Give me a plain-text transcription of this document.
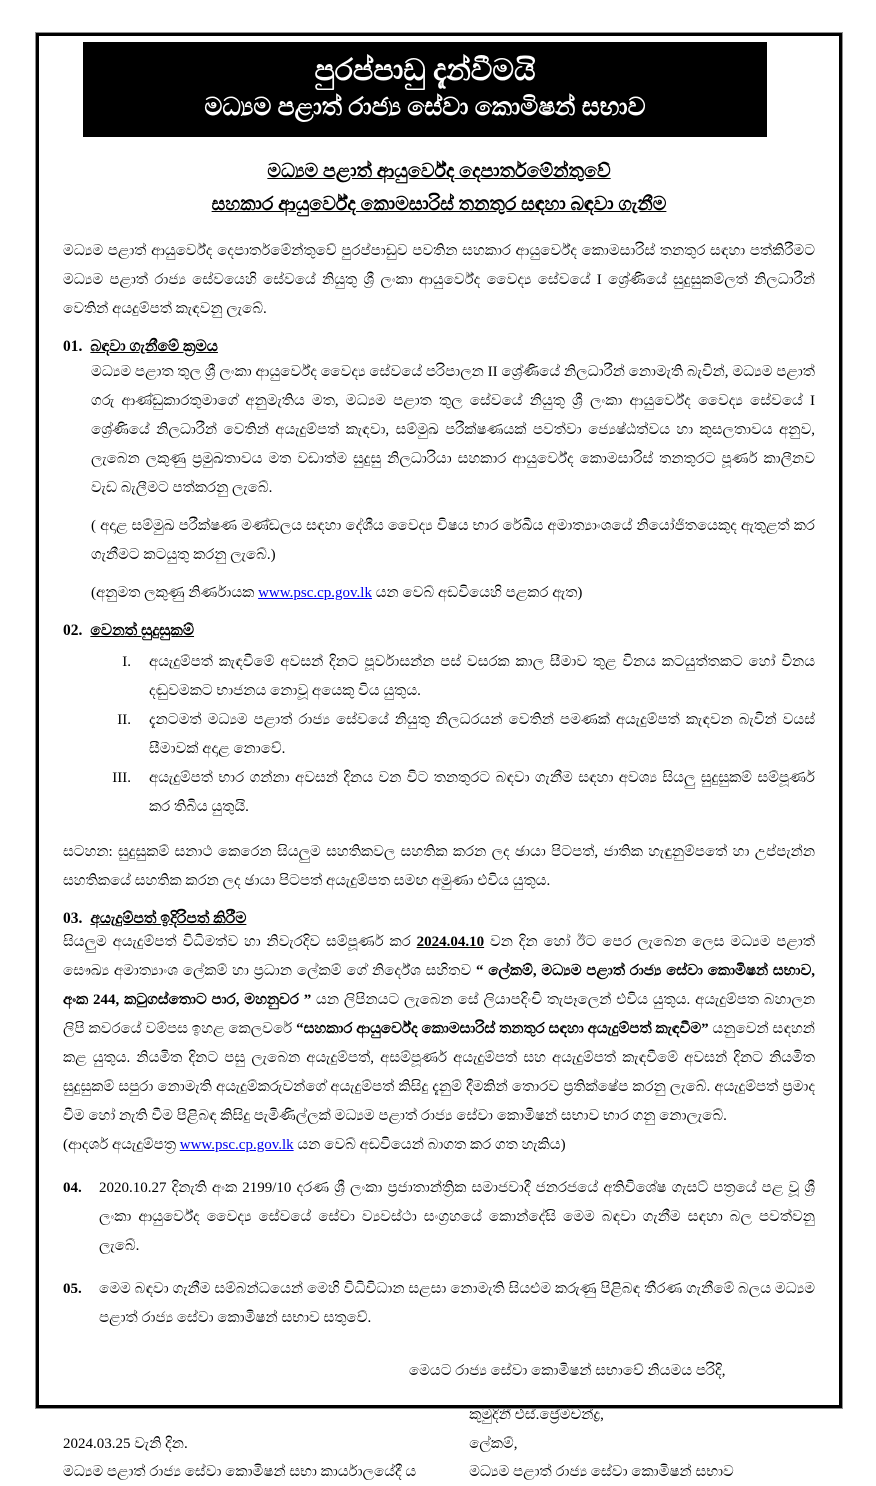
පුරප්පාඩු දැන්වීමයි
මධ්‍යම පළාත් රාජ්‍ය සේවා කොමිෂන් සභාව
මධ්‍යම පළාත් ආයුර්වේද දෙපාර්තමේන්තුවේ
සහකාර ආයුර්වේද කොමසාරිස් තනතුර සඳහා බඳවා ගැනීම

මධ්‍යම පළාත් ආයුර්වේද දෙපාර්තමේන්තුවේ පුරප්පාඩුව පවතින සහකාර ආයුර්වේද කොමසාරිස් තනතුර සඳහා පත්කිරීමට මධ්‍යම පළාත් රාජ්‍ය සේවයෙහි සේවයේ නියුතු ශ්‍රී ලංකා ආයුර්වේද වෛද්‍ය සේවයේ I ශ්‍රේණියේ සුදුසුකම්ලත් නිලධාරීන් වෙතින් අයදුම්පත් කැඳවනු ලැබේ.

01. බඳවා ගැනීමේ ක්‍රමය

මධ්‍යම පළාත තුල ශ්‍රී ලංකා ආයුර්වේද වෛද්‍ය සේවයේ පරිපාලන II ශ්‍රේණියේ නිලධාරීන් නොමැති බැවින්, මධ්‍යම පළාත් ගරු ආණ්ඩුකාරතුමාගේ අනුමැතිය මත, මධ්‍යම පළාත තුල සේවයේ නියුතු ශ්‍රී ලංකා ආයුර්වේද වෛද්‍ය සේවයේ I ශ්‍රේණියේ නිලධාරීන් වෙතින් අයැදුම්පත් කැඳවා, සම්මුඛ පරීක්ෂණයක් පවත්වා ජ්‍යෙෂ්ඨත්වය හා කුසලතාවය අනුව, ලැබෙන ලකුණු ප්‍රමුඛතාවය මත වඩාත්ම සුදුසු නිලධාරියා සහකාර ආයුර්වේද කොමසාරිස් තනතුරට පූර්ණ කාලීනව වැඩ බැලීමට පත්කරනු ලැබේ.

( අදාළ සම්මුඛ පරීක්ෂණ මණ්ඩලය සඳහා දේශීය වෛද්‍ය විෂය භාර රේඛීය අමාත්‍යාංශයේ නියෝජිතයෙකුද ඇතුළත් කර ගැනීමට කටයුතු කරනු ලැබේ.)

(අනුමත ලකුණු නිර්ණායක www.psc.cp.gov.lk යන වෙබ් අඩවියෙහි පළකර ඇත)

02. වෙනත් සුදුසුකම්
I.	අයැදුම්පත් කැඳවීමේ අවසන් දිනට පූර්වාසන්න පස් වසරක කාල සීමාව තුළ විනය කටයුත්තකට හෝ විනය දඬුවමකට භාජනය නොවූ අයෙකු විය යුතුය.
II.	දැනටමත් මධ්‍යම පළාත් රාජ්‍ය සේවයේ නියුතු නිලධරයන් වෙතින් පමණක් අයැදුම්පත් කැඳවන බැවින් වයස් සීමාවක් අදාළ නොවේ.
III.	අයැදුම්පත් භාර ගන්නා අවසන් දිනය වන විට තනතුරට බඳවා ගැනීම සඳහා අවශ්‍ය සියලු සුදුසුකම් සම්පූර්ණ කර තිබිය යුතුයි.

සටහන: සුදුසුකම් සනාථ කෙරෙන සියලුම සහතිකවල සහතික කරන ලද ඡායා පිටපත්, ජාතික හැඳුනුම්පතේ හා උප්පැන්න සහතිකයේ සහතික කරන ලද ඡායා පිටපත් අයැදුම්පත සමඟ අමුණා එවිය යුතුය.

03. අයැදුම්පත් ඉදිරිපත් කිරීම

සියලුම අයැදුම්පත් විධිමත්ව හා නිවැරදිව සම්පූර්ණ කර 2024.04.10 වන දින හෝ ඊට පෙර ලැබෙන ලෙස මධ්‍යම පළාත් සෞඛ්‍ය අමාත්‍යාංශ ලේකම් හා ප්‍රධාන ලේකම් ගේ නිර්දේශ සහිතව “ ලේකම්, මධ්‍යම පළාත් රාජ්‍ය සේවා කොමිෂන් සභාව, අංක 244, කටුගස්තොට පාර, මහනුවර ” යන ලිපිනයට ලැබෙන සේ ලියාපදිංචි තැපෑලෙන් එවිය යුතුය. අයැදුම්පත බහාලන ලිපි කවරයේ වම්පස ඉහළ කෙලවරේ “සහකාර ආයුර්වේද කොමසාරිස් තනතුර සඳහා අයැදුම්පත් කැඳවීම” යනුවෙන් සඳහන් කළ යුතුය. නියමිත දිනට පසු ලැබෙන අයැදුම්පත්, අසම්පූර්ණ අයැදුම්පත් සහ අයැදුම්පත් කැඳවීමේ අවසන් දිනට නියමිත සුදුසුකම් සපුරා නොමැති අයැදුම්කරුවන්ගේ අයැදුම්පත් කිසිදු දැනුම් දීමකින් තොරව ප්‍රතික්ෂේප කරනු ලැබේ. අයැදුම්පත් ප්‍රමාද වීම හෝ නැති වීම පිළිබඳ කිසිදු පැමිණිල්ලක් මධ්‍යම පළාත් රාජ්‍ය සේවා කොමිෂන් සභාව භාර ගනු නොලැබේ.

(ආදර්ශ අයැදුම්පත්‍ර www.psc.cp.gov.lk යන වෙබ් අඩවියෙන් බාගත කර ගත හැකිය)

04.	2020.10.27 දිනැති අංක 2199/10 දරණ ශ්‍රී ලංකා ප්‍රජාතාන්ත්‍රික සමාජවාදී ජනරජයේ අතිවිශේෂ ගැසට් පත්‍රයේ පළ වූ ශ්‍රී ලංකා ආයුර්වේද වෛද්‍ය සේවයේ සේවා ව්‍යවස්ථා සංග්‍රහයේ කොන්දේසි මෙම බඳවා ගැනීම සඳහා බල පවත්වනු ලැබේ.
05.	මෙම බඳවා ගැනීම සම්බන්ධයෙන් මෙහි විධිවිධාන සළසා නොමැති සියළුම කරුණු පිළිබඳ තීරණ ගැනීමේ බලය මධ්‍යම පළාත් රාජ්‍ය සේවා කොමිෂන් සභාව සතුවේ.
මෙයට රාජ්‍ය සේවා කොමිෂන් සභාවේ නියමය පරිදි,
2024.03.25 වැනි දින.
මධ්‍යම පළාත් රාජ්‍ය සේවා කොමිෂන් සභා කාර්යාලයේදී ය
කුමුදිනී එස්.ප්‍රේමචන්ද්‍ර,
ලේකම්,
මධ්‍යම පළාත් රාජ්‍ය සේවා කොමිෂන් සභාව
